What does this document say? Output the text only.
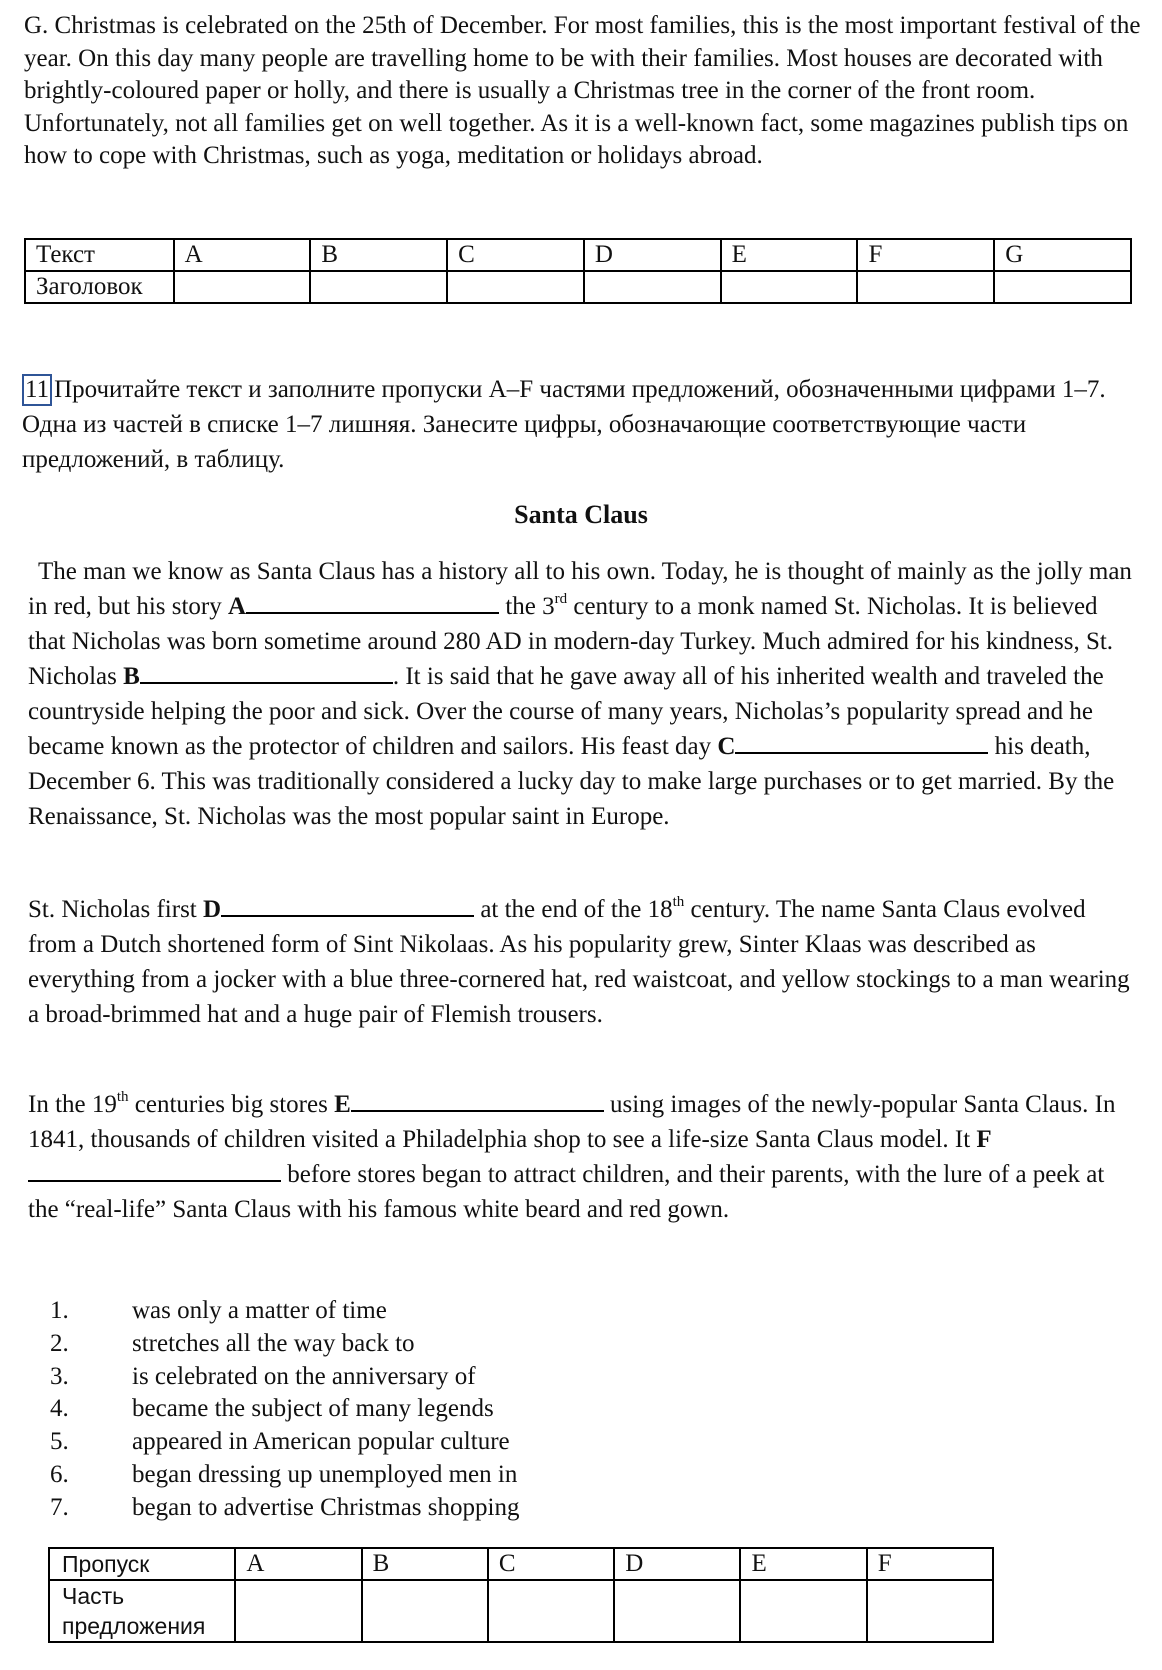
G. Christmas is celebrated on the 25th of December. For most families, this is the most important festival of the year. On this day many people are travelling home to be with their families. Most houses are decorated with brightly-coloured paper or holly, and there is usually a Christmas tree in the corner of the front room. Unfortunately, not all families get on well together. As it is a well-known fact, some magazines publish tips on how to cope with Christmas, such as yoga, meditation or holidays abroad.

Текст	A	B	C	D	E	F	G
Заголовок							

11 Прочитайте текст и заполните пропуски А–F частями предложений, обозначенными цифрами 1–7. Одна из частей в списке 1–7 лишняя. Занесите цифры, обозначающие соответствующие части предложений, в таблицу.

Santa Claus

The man we know as Santa Claus has a history all to his own. Today, he is thought of mainly as the jolly man in red, but his story A	the 3rd century to a monk named St. Nicholas. It is believed that Nicholas was born sometime around 280 AD in modern-day Turkey. Much admired for his kindness, St. Nicholas B	. It is said that he gave away all of his inherited wealth and traveled the countryside helping the poor and sick. Over the course of many years, Nicholas’s popularity spread and he became known as the protector of children and sailors. His feast day C	his death, December 6. This was traditionally considered a lucky day to make large purchases or to get married. By the Renaissance, St. Nicholas was the most popular saint in Europe.

St. Nicholas first D	at the end of the 18th century. The name Santa Claus evolved from a Dutch shortened form of Sint Nikolaas. As his popularity grew, Sinter Klaas was described as everything from a jocker with a blue three-cornered hat, red waistcoat, and yellow stockings to a man wearing a broad-brimmed hat and a huge pair of Flemish trousers.

In the 19th centuries big stores E	using images of the newly-popular Santa Claus. In 1841, thousands of children visited a Philadelphia shop to see a life-size Santa Claus model. It F before stores began to attract children, and their parents, with the lure of a peek at the “real-life” Santa Claus with his famous white beard and red gown.

1.	was only a matter of time
2.	stretches all the way back to
3.	is celebrated on the anniversary of
4.	became the subject of many legends
5.	appeared in American popular culture
6.	began dressing up unemployed men in
7.	began to advertise Christmas shopping
Пропуск	A	B	C	D	E	F
Часть предложения						
